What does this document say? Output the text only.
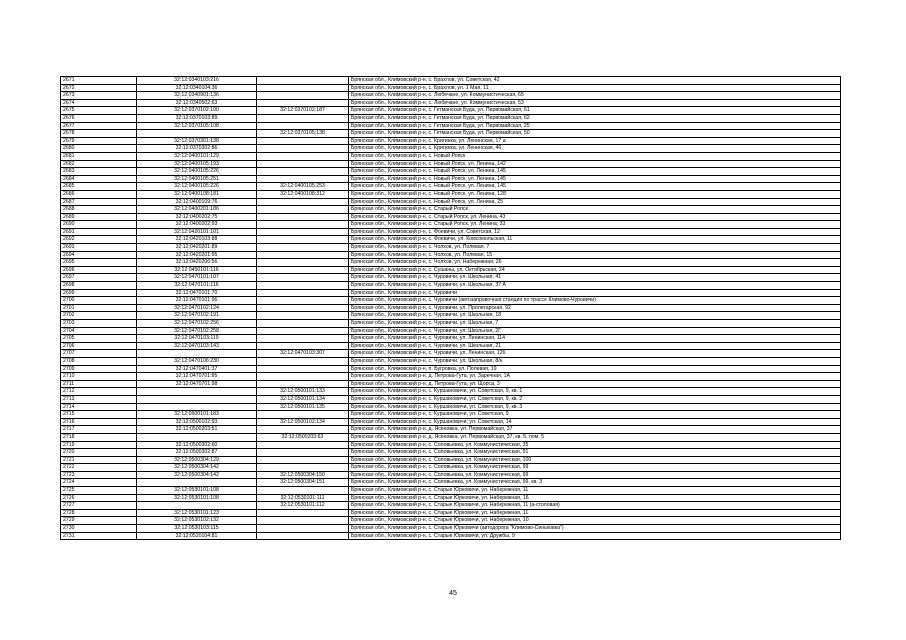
2671	32:12:0340103:216		Брянская обл., Климовский р-н, с. Брахлов, ул. Советская, 42
2672	32:12:0340104:36		Брянская обл., Климовский р-н, с. Брахлов, ул. 1 Мая, 11
2673	32:12:0340901:136		Брянская обл., Климовский р-н, с. Любечане, ул. Коммунистическая, 65
2674	32:12:0340502:63		Брянская обл., Климовский р-н, с. Любечане, ул. Коммунистическая, 53
2675	32:12:0370102:100	32:12:0370102:187	Брянская обл., Климовский р-н, с. Гетманская Буда, ул. Первомайская, 61
2676	32:12:0370103:89		Брянская обл., Климовский р-н, с. Гетманская Буда, ул. Первомайская, 62
2677	32:12:0370105:108		Брянская обл., Климовский р-н, с. Гетманская Буда, ул. Первомайская, 25
2678		32:12:0370105:138	Брянская обл., Климовский р-н, с. Гетманская Буда, ул. Первомайская, 50
2679	32:12:0370301:138		Брянская обл., Климовский р-н, с. Кригинка, ул. Ленинская, 17 а
2680	32:12:0370302:86		Брянская обл., Климовский р-н, с. Кригинка, ул. Ленинская, 46
2681	32:12:0400101:129		Брянская обл., Климовский р-н, с. Новый Ропск
2682	32:12:0400105:193		Брянская обл., Климовский р-н, с. Новый Ропск, ул. Ленина, 142
2683	32:12:0400105:226		Брянская обл., Климовский р-н, с. Новый Ропск, ул. Ленина, 145
2684	32:12:0400105:251		Брянская обл., Климовский р-н, с. Новый Ропск, ул. Ленина, 145
2685	32:12:0400105:226	32:12:0400105:253	Брянская обл., Климовский р-н, с. Новый Ропск, ул. Ленина, 145
2686	32:12:0400108:181	32:12:0400108:312	Брянская обл., Климовский р-н, с. Новый Ропск, ул. Ленина, 128
2687	32:12:0400109:76		Брянская обл., Климовский р-н, с. Новый Ропск, ул. Ленина, 25
2688	32:12:0400201:186		Брянская обл., Климовский р-н, с. Старый Ропск
2689	32:12:0400202:75		Брянская обл., Климовский р-н, с. Старый Ропск, ул. Ленина, 43
2690	32:12:0400202:93		Брянская обл., Климовский р-н, с. Старый Ропск, ул. Ленина, 33
2691	32:12:0420101:101		Брянская обл., Климовский р-н, с. Фоевичи, ул. Советская, 12
2692	32:12:0420103:88		Брянская обл., Климовский р-н, с. Фоевичи, ул. Комсомольская, 11
2693	32:12:0420201:89		Брянская обл., Климовский р-н, с. Чолхов, ул. Полевая, 7
2694	32:12:0420201:95		Брянская обл., Климовский р-н, с. Чолхов, ул. Полевая, 15
2695	32:12:0420206:56		Брянская обл., Климовский р-н, с. Чолхов, ул. Набережная, 26
2696	32:12:0450101:116		Брянская обл., Климовский р-н, с. Сушаны, ул. Октябрьская, 24
2697	32:12:0470101:107		Брянская обл., Климовский р-н, с. Чуровичи, ул. Школьная, 41
2698	32:12:0470101:116		Брянская обл., Климовский р-н, с. Чуровичи, ул. Школьная, 37 А
2699	32:12:0470101:70		Брянская обл., Климовский р-н, с. Чуровичи
2700	32:12:0470101:96		Брянская обл., Климовский р-н, с. Чуровичи (автозаправочная станция по трассе Климово-Чуровичи)
2701	32:12:0470102:124		Брянская обл., Климовский р-н, с. Чуровичи, ул. Пролетарская, 92
2702	32:12:0470102:191		Брянская обл., Климовский р-н, с. Чуровичи, ул. Школьная, 18
2703	32:12:0470102:256		Брянская обл., Климовский р-н, с. Чуровичи, ул. Школьная, 7
2704	32:12:0470102:258		Брянская обл., Климовский р-н, с. Чуровичи, ул. Школьная, 2Г
2705	32:12:0470103:119		Брянская обл., Климовский р-н, с. Чуровичи, ул. Ленинская, 114
2706	32:12:0470103:143		Брянская обл., Климовский р-н, с. Чуровичи, ул. Школьная, 21
2707		32:12:0470103:307	Брянская обл., Климовский р-н, с. Чуровичи, ул. Ленинская, 126
2708	32:12:0470106:230		Брянская обл., Климовский р-н, с. Чуровичи, ул. Школьная, 8/н
2709	32:12:0470401:37		Брянская обл., Климовский р-н, п. Бугровка, ул. Полевая, 19
2710	32:12:0470701:95		Брянская обл., Климовский р-н, д. Петрова-Гута, ул. Заречная, 1А
2711	32:12:0470701:98		Брянская обл., Климовский р-н, д. Петрова-Гута, ул. Щорса, 3
2712		32:12:0500101:133	Брянская обл., Климовский р-н, с. Куршановичи, ул. Советская, 9, кв. 1
2713		32:12:0500101:134	Брянская обл., Климовский р-н, с. Куршановичи, ул. Советская, 9, кв. 2
2714		32:12:0500101:135	Брянская обл., Климовский р-н, с. Куршановичи, ул. Советская, 9, кв. 3
2715	32:12:0500101:183		Брянская обл., Климовский р-н, с. Куршановичи, ул. Советская, 9
2716	32:12:0500102:93	32:12:0500102:134	Брянская обл., Климовский р-н, с. Куршановичи, ул. Советская, 14
2717	32:12:0500203:51		Брянская обл., Климовский р-н, д. Ясеновка, ул. Первомайская, 37
2718		32:12:0500203:63	Брянская обл., Климовский р-н, д. Ясеновка, ул. Первомайская, 37, кв. 5, пом. 5
2719	32:12:0500302:60		Брянская обл., Климовский р-н, с. Соловьевка, ул. Коммунистическая, 35
2720	32:12:0500302:87		Брянская обл., Климовский р-н, с. Соловьевка, ул. Коммунистическая, 91
2721	32:12:0500304:129		Брянская обл., Климовский р-н, с. Соловьевка, ул. Коммунистическая, 100
2722	32:12:0500304:142		Брянская обл., Климовский р-н, с. Соловьевка, ул. Коммунистическая, 99
2723	32:12:0500304:142	32:12:0500304:150	Брянская обл., Климовский р-н, с. Соловьевка, ул. Коммунистическая, 99
2724		32:12:0500304:151	Брянская обл., Климовский р-н, с. Соловьевка, ул. Коммунистическая, 99, кв. 3
2725	32:12:0530101:108		Брянская обл., Климовский р-н, с. Старые Юрковичи, ул. Набережная, 11
2726	32:12:0530101:108	32:12:0530101:111	Брянская обл., Климовский р-н, с. Старые Юрковичи, ул. Набережная, 16
2727		32:12:0530101:112	Брянская обл., Климовский р-н, с. Старые Юрковичи, ул. Набережная, 11 (а-столовая)
2728	32:12:0530101:123		Брянская обл., Климовский р-н, с. Старые Юрковичи, ул. Набережная, 11
2729	32:12:0530102:132		Брянская обл., Климовский р-н, с. Старые Юрковичи, ул. Набережная, 10
2730	32:12:0530103:115		Брянская обл., Климовский р-н, с. Старые Юрковичи (автодорога "Климово-Сеньковка")
2731	32:12:0520104:81		Брянская обл., Климовский р-н, с. Старые Юрковичи, ул. Дружбы, 9
45
